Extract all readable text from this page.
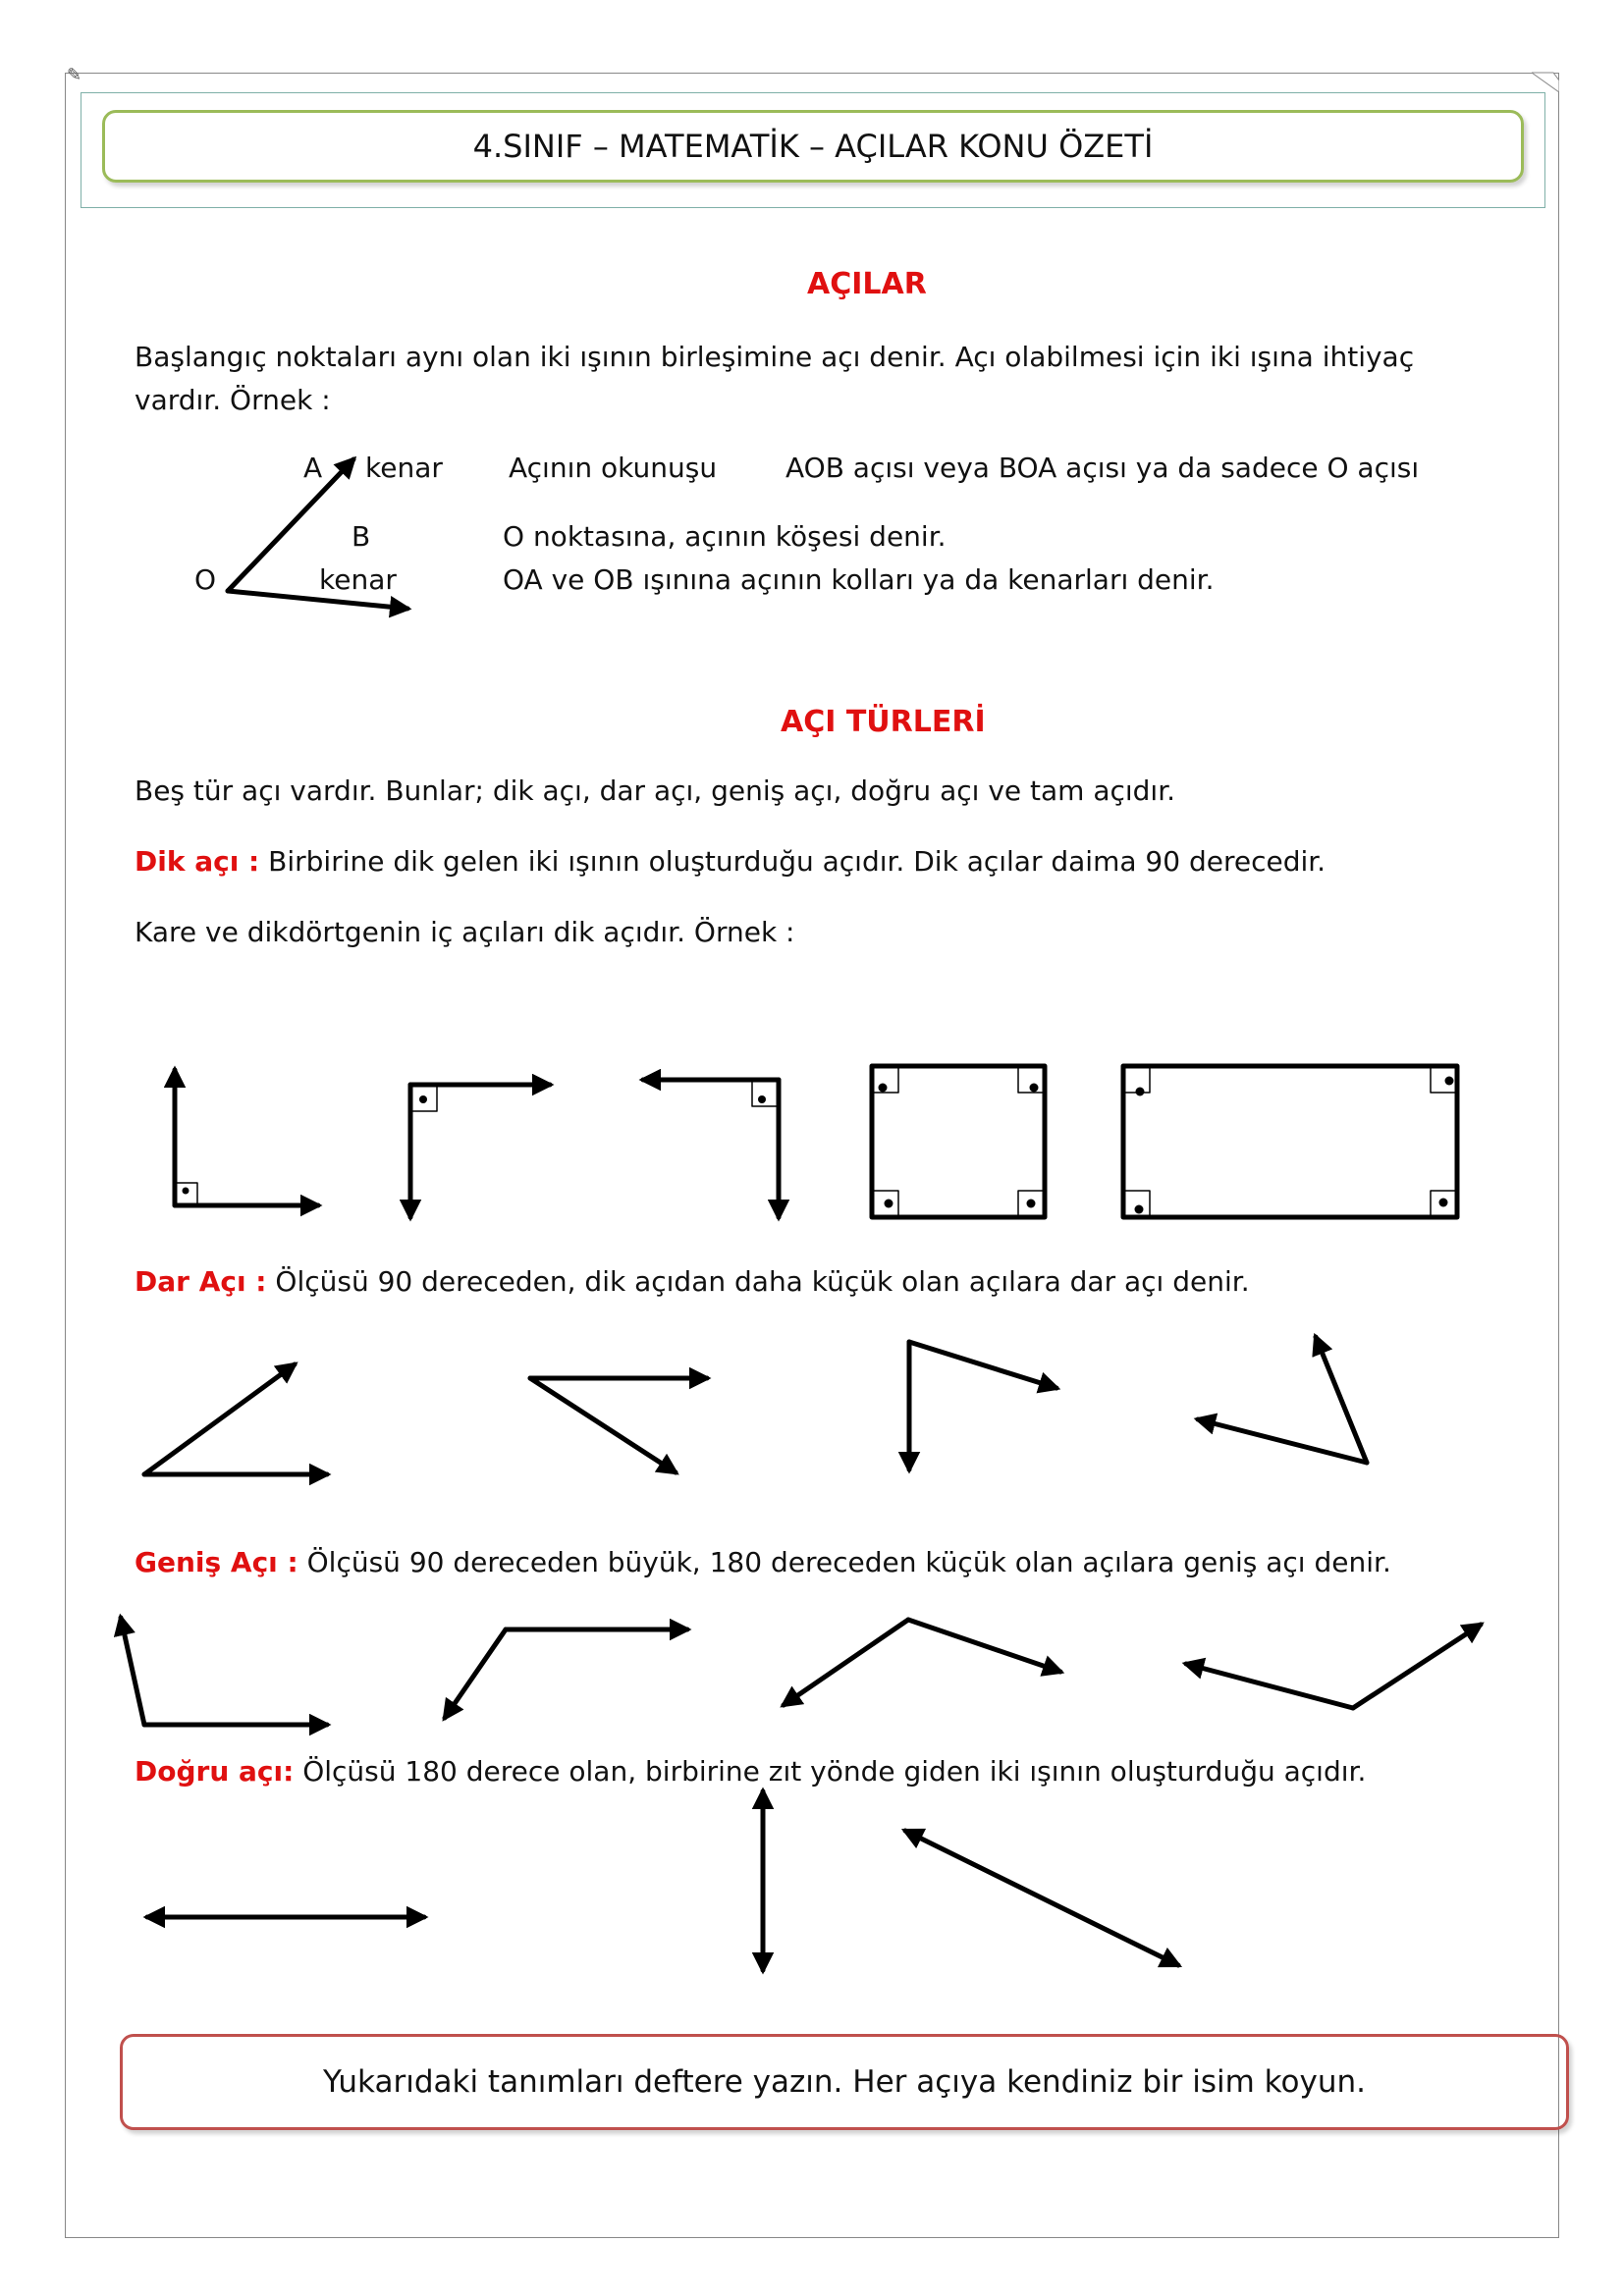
✎
4.SINIF – MATEMATİK – AÇILAR KONU ÖZETİ
AÇILAR
Başlangıç noktaları aynı olan iki ışının birleşimine açı denir. Açı olabilmesi için iki ışına ihtiyaç vardır. Örnek :
A kenar
B
O	kenar
Açının okunuşu AOB açısı veya BOA açısı ya da sadece O açısı
O noktasına, açının köşesi denir.
OA ve OB ışınına açının kolları ya da kenarları denir.
AÇI TÜRLERİ
Beş tür açı vardır. Bunlar; dik açı, dar açı, geniş açı, doğru açı ve tam açıdır.
Dik açı : Birbirine dik gelen iki ışının oluşturduğu açıdır. Dik açılar daima 90 derecedir.
Kare ve dikdörtgenin iç açıları dik açıdır. Örnek :
Dar Açı : Ölçüsü 90 dereceden, dik açıdan daha küçük olan açılara dar açı denir.
Geniş Açı : Ölçüsü 90 dereceden büyük, 180 dereceden küçük olan açılara geniş açı denir.
Doğru açı: Ölçüsü 180 derece olan, birbirine zıt yönde giden iki ışının oluşturduğu açıdır.
Yukarıdaki tanımları deftere yazın. Her açıya kendiniz bir isim koyun.
